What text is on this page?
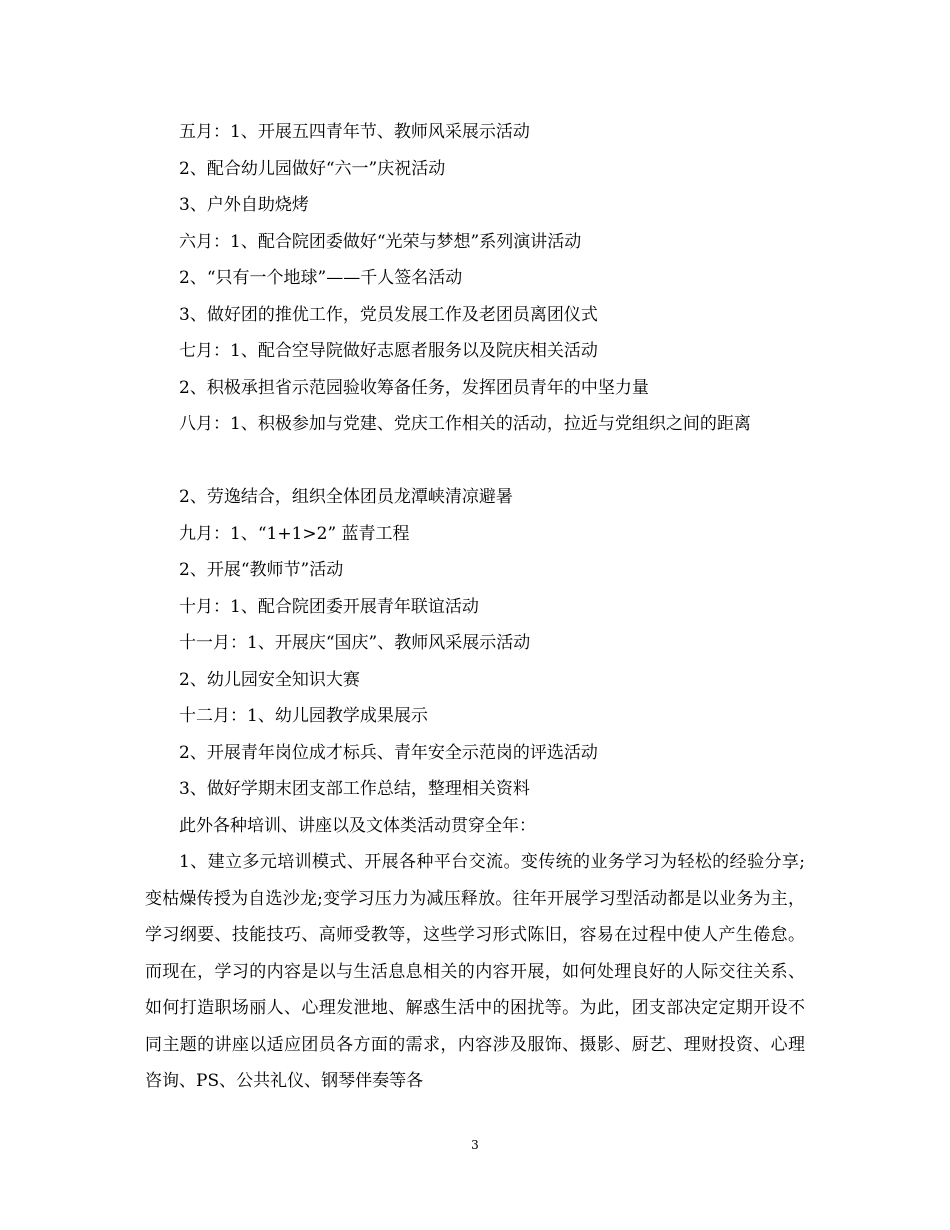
五月：1、开展五四青年节、教师风采展示活动
2、配合幼儿园做好“六一”庆祝活动
3、户外自助烧烤
六月：1、配合院团委做好“光荣与梦想”系列演讲活动
2、“只有一个地球”——千人签名活动
3、做好团的推优工作，党员发展工作及老团员离团仪式
七月：1、配合空导院做好志愿者服务以及院庆相关活动
2、积极承担省示范园验收筹备任务，发挥团员青年的中坚力量
八月：1、积极参加与党建、党庆工作相关的活动，拉近与党组织之间的距离
2、劳逸结合，组织全体团员龙潭峡清凉避暑
九月：1、“1+1>2” 蓝青工程
2、开展“教师节”活动
十月：1、配合院团委开展青年联谊活动
十一月：1、开展庆“国庆”、教师风采展示活动
2、幼儿园安全知识大赛
十二月：1、幼儿园教学成果展示
2、开展青年岗位成才标兵、青年安全示范岗的评选活动
3、做好学期末团支部工作总结，整理相关资料
此外各种培训、讲座以及文体类活动贯穿全年：
1、建立多元培训模式、开展各种平台交流。变传统的业务学习为轻松的经验分享;变枯燥传授为自选沙龙;变学习压力为减压释放。往年开展学习型活动都是以业务为主，学习纲要、技能技巧、高师受教等，这些学习形式陈旧，容易在过程中使人产生倦怠。而现在，学习的内容是以与生活息息相关的内容开展，如何处理良好的人际交往关系、如何打造职场丽人、心理发泄地、解惑生活中的困扰等。为此，团支部决定定期开设不同主题的讲座以适应团员各方面的需求，内容涉及服饰、摄影、厨艺、理财投资、心理咨询、PS、公共礼仪、钢琴伴奏等各
3
